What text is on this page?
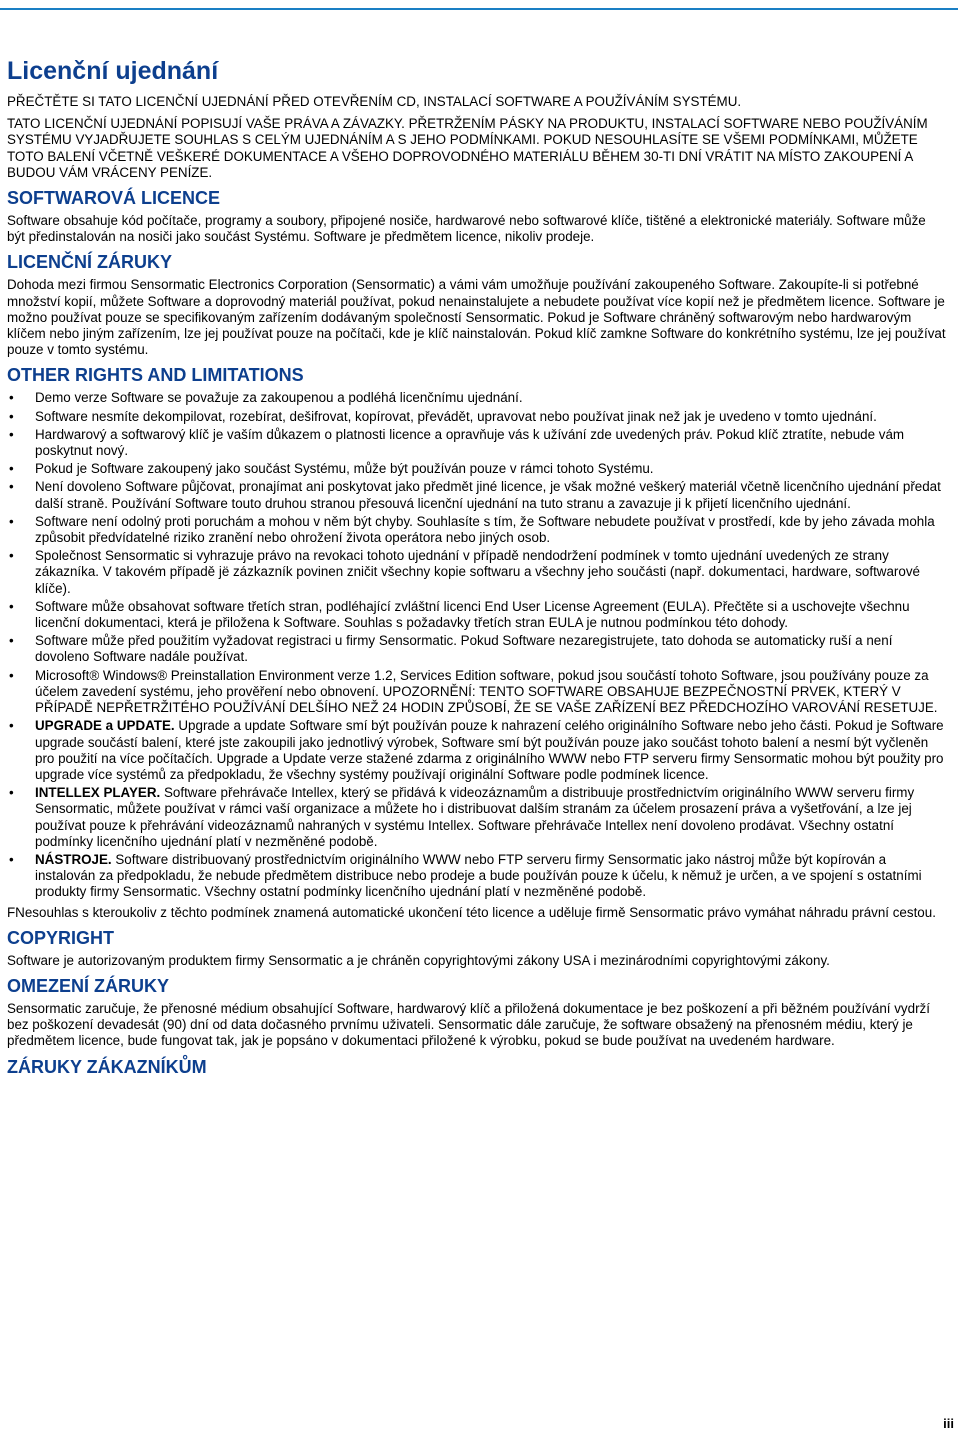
Licenční ujednání

PŘEČTĚTE SI TATO LICENČNÍ UJEDNÁNÍ PŘED OTEVŘENÍM CD, INSTALACÍ SOFTWARE A POUŽÍVÁNÍM SYSTÉMU.

TATO LICENČNÍ UJEDNÁNÍ POPISUJÍ VAŠE PRÁVA A ZÁVAZKY. PŘETRŽENÍM PÁSKY NA PRODUKTU, INSTALACÍ SOFTWARE NEBO POUŽÍVÁNÍM SYSTÉMU VYJADŘUJETE SOUHLAS S CELÝM UJEDNÁNÍM A S JEHO PODMÍNKAMI. POKUD NESOUHLASÍTE SE VŠEMI PODMÍNKAMI, MŮŽETE TOTO BALENÍ VČETNĚ VEŠKERÉ DOKUMENTACE A VŠEHO DOPROVODNÉHO MATERIÁLU BĚHEM 30-TI DNÍ VRÁTIT NA MÍSTO ZAKOUPENÍ A BUDOU VÁM VRÁCENY PENÍZE.

SOFTWAROVÁ LICENCE

Software obsahuje kód počítače, programy a soubory, připojené nosiče, hardwarové nebo softwarové klíče, tištěné a elektronické materiály. Software může být předinstalován na nosiči jako součást Systému. Software je předmětem licence, nikoliv prodeje.

LICENČNÍ ZÁRUKY

Dohoda mezi firmou Sensormatic Electronics Corporation (Sensormatic) a vámi vám umožňuje používání zakoupeného Software. Zakoupíte-li si potřebné množství kopií, můžete Software a doprovodný materiál používat, pokud nenainstalujete a nebudete používat více kopií než je předmětem licence. Software je možno používat pouze se specifikovaným zařízením dodávaným společností Sensormatic. Pokud je Software chráněný softwarovým nebo hardwarovým klíčem nebo jiným zařízením, lze jej používat pouze na počítači, kde je klíč nainstalován. Pokud klíč zamkne Software do konkrétního systému, lze jej používat pouze v tomto systému.

OTHER RIGHTS AND LIMITATIONS
• Demo verze Software se považuje za zakoupenou a podléhá licenčnímu ujednání.
• Software nesmíte dekompilovat, rozebírat, dešifrovat, kopírovat, převádět, upravovat nebo používat jinak než jak je uvedeno v tomto ujednání.
• Hardwarový a softwarový klíč je vaším důkazem o platnosti licence a opravňuje vás k užívání zde uvedených práv. Pokud klíč ztratíte, nebude vám poskytnut nový.
• Pokud je Software zakoupený jako součást Systému, může být používán pouze v rámci tohoto Systému.
• Není dovoleno Software půjčovat, pronajímat ani poskytovat jako předmět jiné licence, je však možné veškerý materiál včetně licenčního ujednání předat další straně. Používání Software touto druhou stranou přesouvá licenční ujednání na tuto stranu a zavazuje ji k přijetí licenčního ujednání.
• Software není odolný proti poruchám a mohou v něm být chyby. Souhlasíte s tím, že Software nebudete používat v prostředí, kde by jeho závada mohla způsobit předvídatelné riziko zranění nebo ohrožení života operátora nebo jiných osob.
• Společnost Sensormatic si vyhrazuje právo na revokaci tohoto ujednání v případě nendodržení podmínek v tomto ujednání uvedených ze strany zákazníka. V takovém případě jë zázkazník povinen zničit všechny kopie softwaru a všechny jeho součásti (např. dokumentaci, hardware, softwarové klíče).
• Software může obsahovat software třetích stran, podléhající zvláštní licenci End User License Agreement (EULA). Přečtěte si a uschovejte všechnu licenční dokumentaci, která je přiložena k Software. Souhlas s požadavky třetích stran EULA je nutnou podmínkou této dohody.
• Software může před použitím vyžadovat registraci u firmy Sensormatic. Pokud Software nezaregistrujete, tato dohoda se automaticky ruší a není dovoleno Software nadále používat.
• Microsoft® Windows® Preinstallation Environment verze 1.2, Services Edition software, pokud jsou součástí tohoto Software, jsou používány pouze za účelem zavedení systému, jeho prověření nebo obnovení. UPOZORNĚNÍ: TENTO SOFTWARE OBSAHUJE BEZPEČNOSTNÍ PRVEK, KTERÝ V PŘÍPADĚ NEPŘETRŽITÉHO POUŽÍVÁNÍ DELŠÍHO NEŽ 24 HODIN ZPŮSOBÍ, ŽE SE VAŠE ZAŘÍZENÍ BEZ PŘEDCHOZÍHO VAROVÁNÍ RESETUJE.
• UPGRADE a UPDATE. Upgrade a update Software smí být používán pouze k nahrazení celého originálního Software nebo jeho části. Pokud je Software upgrade součástí balení, které jste zakoupili jako jednotlivý výrobek, Software smí být používán pouze jako součást tohoto balení a nesmí být vyčleněn pro použití na více počítačích. Upgrade a Update verze stažené zdarma z originálního WWW nebo FTP serveru firmy Sensormatic mohou být použity pro upgrade více systémů za předpokladu, že všechny systémy používají originální Software podle podmínek licence.
• INTELLEX PLAYER. Software přehrávače Intellex, který se přidává k videozáznamům a distribuuje prostřednictvím originálního WWW serveru firmy Sensormatic, můžete používat v rámci vaší organizace a můžete ho i distribuovat dalším stranám za účelem prosazení práva a vyšetřování, a lze jej používat pouze k přehrávání videozáznamů nahraných v systému Intellex. Software přehrávače Intellex není dovoleno prodávat. Všechny ostatní podmínky licenčního ujednání platí v nezměněné podobě.
• NÁSTROJE. Software distribuovaný prostřednictvím originálního WWW nebo FTP serveru firmy Sensormatic jako nástroj může být kopírován a instalován za předpokladu, že nebude předmětem distribuce nebo prodeje a bude používán pouze k účelu, k němuž je určen, a ve spojení s ostatními produkty firmy Sensormatic. Všechny ostatní podmínky licenčního ujednání platí v nezměněné podobě.

FNesouhlas s kteroukoliv z těchto podmínek znamená automatické ukončení této licence a uděluje firmě Sensormatic právo vymáhat náhradu právní cestou.

COPYRIGHT

Software je autorizovaným produktem firmy Sensormatic a je chráněn copyrightovými zákony USA i mezinárodními copyrightovými zákony.

OMEZENÍ ZÁRUKY

Sensormatic zaručuje, že přenosné médium obsahující Software, hardwarový klíč a přiložená dokumentace je bez poškození a při běžném používání vydrží bez poškození devadesát (90) dní od data dočasného prvnímu uživateli. Sensormatic dále zaručuje, že software obsažený na přenosném médiu, který je předmětem licence, bude fungovat tak, jak je popsáno v dokumentaci přiložené k výrobku, pokud se bude používat na uvedeném hardware.

ZÁRUKY ZÁKAZNÍKŮM
iii
